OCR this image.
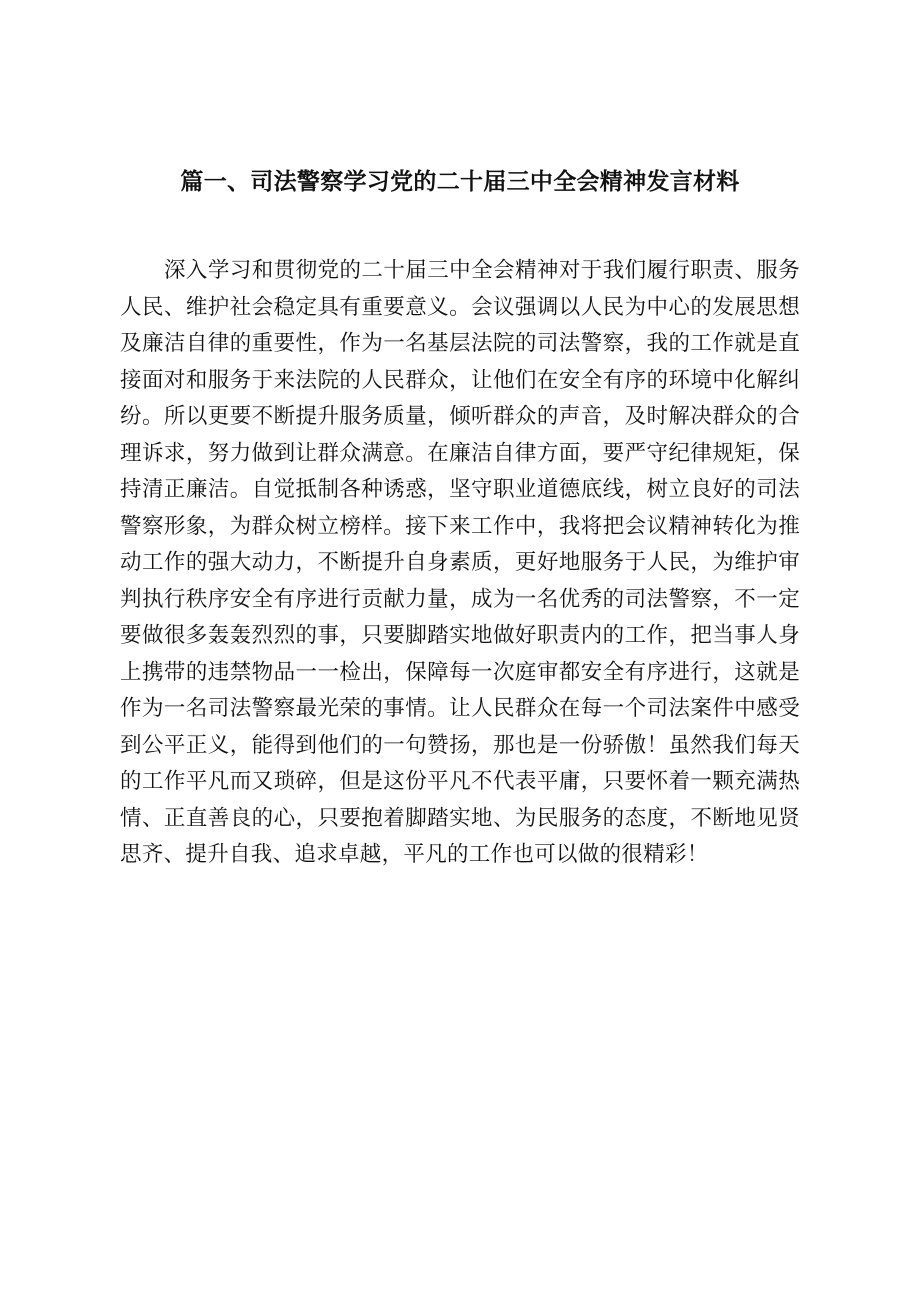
篇一、司法警察学习党的二十届三中全会精神发言材料

深入学习和贯彻党的二十届三中全会精神对于我们履行职责、服务人民、维护社会稳定具有重要意义。会议强调以人民为中心的发展思想及廉洁自律的重要性，作为一名基层法院的司法警察，我的工作就是直接面对和服务于来法院的人民群众，让他们在安全有序的环境中化解纠纷。所以更要不断提升服务质量，倾听群众的声音，及时解决群众的合理诉求，努力做到让群众满意。在廉洁自律方面，要严守纪律规矩，保持清正廉洁。自觉抵制各种诱惑，坚守职业道德底线，树立良好的司法警察形象，为群众树立榜样。接下来工作中，我将把会议精神转化为推动工作的强大动力，不断提升自身素质，更好地服务于人民，为维护审判执行秩序安全有序进行贡献力量，成为一名优秀的司法警察，不一定要做很多轰轰烈烈的事，只要脚踏实地做好职责内的工作，把当事人身上携带的违禁物品一一检出，保障每一次庭审都安全有序进行，这就是作为一名司法警察最光荣的事情。让人民群众在每一个司法案件中感受到公平正义，能得到他们的一句赞扬，那也是一份骄傲！虽然我们每天的工作平凡而又琐碎，但是这份平凡不代表平庸，只要怀着一颗充满热情、正直善良的心，只要抱着脚踏实地、为民服务的态度，不断地见贤思齐、提升自我、追求卓越，平凡的工作也可以做的很精彩！
